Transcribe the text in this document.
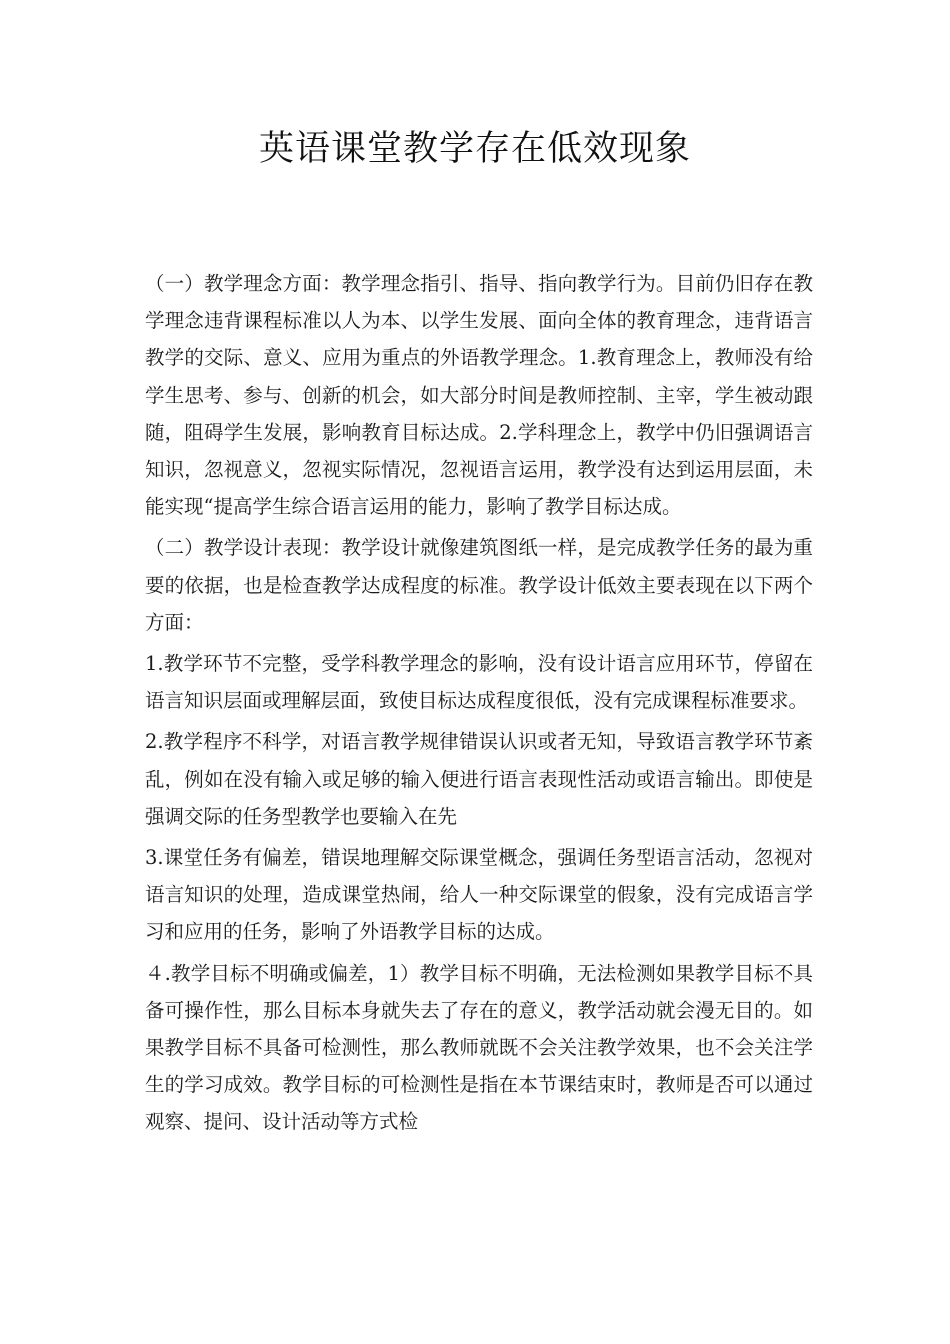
英语课堂教学存在低效现象

（一）教学理念方面：教学理念指引、指导、指向教学行为。目前仍旧存在教学理念违背课程标准以人为本、以学生发展、面向全体的教育理念，违背语言教学的交际、意义、应用为重点的外语教学理念。1.教育理念上，教师没有给学生思考、参与、创新的机会，如大部分时间是教师控制、主宰，学生被动跟随，阻碍学生发展，影响教育目标达成。2.学科理念上，教学中仍旧强调语言知识，忽视意义，忽视实际情况，忽视语言运用，教学没有达到运用层面，未能实现“提高学生综合语言运用的能力，影响了教学目标达成。

（二）教学设计表现：教学设计就像建筑图纸一样，是完成教学任务的最为重要的依据，也是检查教学达成程度的标准。教学设计低效主要表现在以下两个方面：

1.教学环节不完整，受学科教学理念的影响，没有设计语言应用环节，停留在语言知识层面或理解层面，致使目标达成程度很低，没有完成课程标准要求。

2.教学程序不科学，对语言教学规律错误认识或者无知，导致语言教学环节紊乱，例如在没有输入或足够的输入便进行语言表现性活动或语言输出。即使是强调交际的任务型教学也要输入在先

3.课堂任务有偏差，错误地理解交际课堂概念，强调任务型语言活动，忽视对语言知识的处理，造成课堂热闹，给人一种交际课堂的假象，没有完成语言学习和应用的任务，影响了外语教学目标的达成。

４.教学目标不明确或偏差，1）教学目标不明确，无法检测如果教学目标不具备可操作性，那么目标本身就失去了存在的意义，教学活动就会漫无目的。如果教学目标不具备可检测性，那么教师就既不会关注教学效果，也不会关注学生的学习成效。教学目标的可检测性是指在本节课结束时，教师是否可以通过观察、提问、设计活动等方式检
